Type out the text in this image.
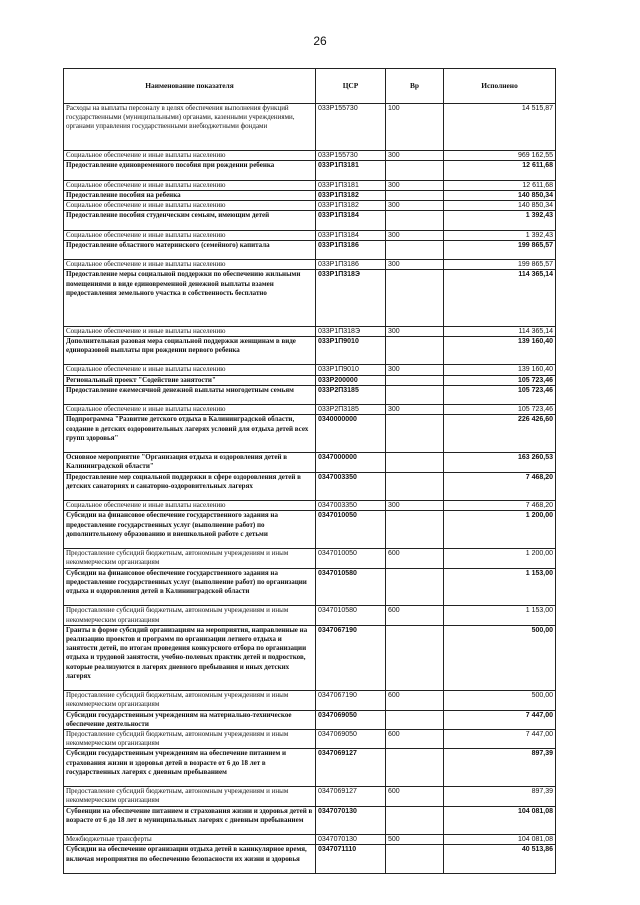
26
Наименование показателя	ЦСР	Вр	Исполнено
Расходы на выплаты персоналу в целях обеспечения выполнения функций государственными (муниципальными) органами, казенными учреждениями, органами управления государственными внебюджетными фондами	033P155730	100	14 515,87
Социальное обеспечение и иные выплаты населению	033P155730	300	969 162,55
Предоставление единовременного пособия при рождении ребенка	033P1П3181		12 611,68
Социальное обеспечение и иные выплаты населению	033P1П3181	300	12 611,68
Предоставление пособия на ребенка	033P1П3182		140 850,34
Социальное обеспечение и иные выплаты населению	033P1П3182	300	140 850,34
Предоставление пособия студенческим семьям, имеющим детей	033P1П3184		1 392,43
Социальное обеспечение и иные выплаты населению	033P1П3184	300	1 392,43
Предоставление областного материнского (семейного) капитала	033P1П3186		199 865,57
Социальное обеспечение и иные выплаты населению	033P1П3186	300	199 865,57
Предоставление меры социальной поддержки по обеспечению жильными помещениями в виде единовременной денежной выплаты взамен предоставления земельного участка в собственность бесплатно	033P1П318Э		114 365,14
Социальное обеспечение и иные выплаты населению	033P1П318Э	300	114 365,14
Дополнительная разовая мера социальной поддержки женщинам в виде единоразовой выплаты при рождении первого ребенка	033P1П9010		139 160,40
Социальное обеспечение и иные выплаты населению	033P1П9010	300	139 160,40
Региональный проект "Содействие занятости"	033P200000		105 723,46
Предоставление ежемесячной денежной выплаты многодетным семьям	033P2П3185		105 723,46
Социальное обеспечение и иные выплаты населению	033P2П3185	300	105 723,46
Подпрограмма "Развитие детского отдыха в Калининградской области, создание в детских оздоровительных лагерях условий для отдыха детей всех групп здоровья"	0340000000		226 426,60
Основное мероприятие "Организация отдыха и оздоровления детей в Калининградской области"	0347000000		163 260,53
Предоставление мер социальной поддержки в сфере оздоровления детей в детских санаториях и санаторно-оздоровительных лагерях	0347003350		7 468,20
Социальное обеспечение и иные выплаты населению	0347003350	300	7 468,20
Субсидии на финансовое обеспечение государственного задания на предоставление государственных услуг (выполнение работ) по дополнительному образованию и внешкольной работе с детьми	0347010050		1 200,00
Предоставление субсидий бюджетным, автономным учреждениям и иным некоммерческим организациям	0347010050	600	1 200,00
Субсидии на финансовое обеспечение государственного задания на предоставление государственных услуг (выполнение работ) по организации отдыха и оздоровления детей в Калининградской области	0347010580		1 153,00
Предоставление субсидий бюджетным, автономным учреждениям и иным некоммерческим организациям	0347010580	600	1 153,00
Гранты в форме субсидий организациям на мероприятия, направленные на реализацию проектов и программ по организации летнего отдыха и занятости детей, по итогам проведения конкурсного отбора по организации отдыха и трудовой занятости, учебно-полевых практик детей и подростков, которые реализуются в лагерях дневного пребывания и иных детских лагерях	0347067190		500,00
Предоставление субсидий бюджетным, автономным учреждениям и иным некоммерческим организациям	0347067190	600	500,00
Субсидии государственным учреждениям на материально-техническое обеспечение деятельности	0347069050		7 447,00
Предоставление субсидий бюджетным, автономным учреждениям и иным некоммерческим организациям	0347069050	600	7 447,00
Субсидии государственным учреждениям на обеспечение питанием и страхования жизни и здоровья детей в возрасте от 6 до 18 лет в государственных лагерях с дневным пребыванием	0347069127		897,39
Предоставление субсидий бюджетным, автономным учреждениям и иным некоммерческим организациям	0347069127	600	897,39
Субвенции на обеспечение питанием и страхования жизни и здоровья детей в возрасте от 6 до 18 лет в муниципальных лагерях с дневным пребыванием	0347070130		104 081,08
Межбюджетные трансферты	0347070130	500	104 081,08
Субсидии на обеспечение организации отдыха детей в каникулярное время, включая мероприятия по обеспечению безопасности их жизни и здоровья	0347071110		40 513,86
